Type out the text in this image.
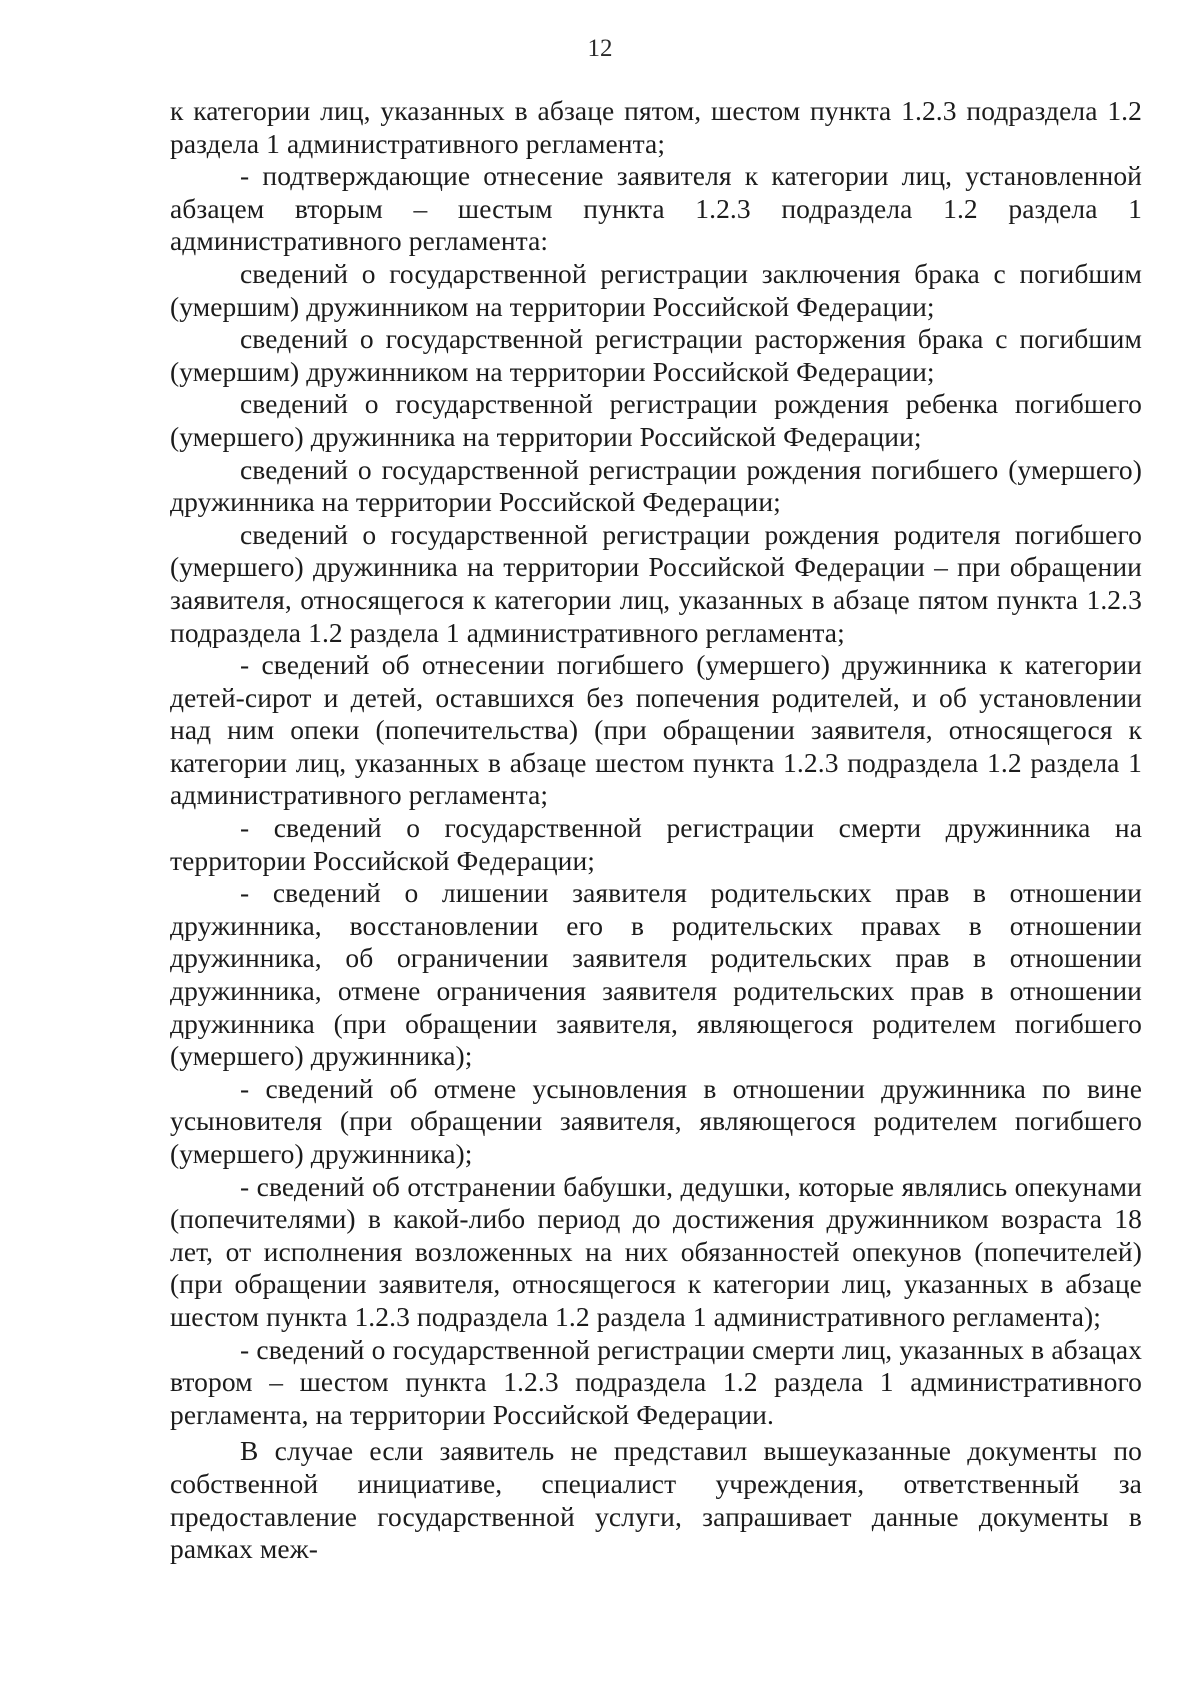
12

к категории лиц, указанных в абзаце пятом, шестом пункта 1.2.3 подраздела 1.2 раздела 1 административного регламента;

- подтверждающие отнесение заявителя к категории лиц, установленной абзацем вторым – шестым пункта 1.2.3 подраздела 1.2 раздела 1 административного регламента:

сведений о государственной регистрации заключения брака с погибшим (умершим) дружинником на территории Российской Федерации;

сведений о государственной регистрации расторжения брака с погибшим (умершим) дружинником на территории Российской Федерации;

сведений о государственной регистрации рождения ребенка погибшего (умершего) дружинника на территории Российской Федерации;

сведений о государственной регистрации рождения погибшего (умершего) дружинника на территории Российской Федерации;

сведений о государственной регистрации рождения родителя погибшего (умершего) дружинника на территории Российской Федерации – при обращении заявителя, относящегося к категории лиц, указанных в абзаце пятом пункта 1.2.3 подраздела 1.2 раздела 1 административного регламента;

- сведений об отнесении погибшего (умершего) дружинника к категории детей-сирот и детей, оставшихся без попечения родителей, и об установлении над ним опеки (попечительства) (при обращении заявителя, относящегося к категории лиц, указанных в абзаце шестом пункта 1.2.3 подраздела 1.2 раздела 1 административного регламента;

- сведений о государственной регистрации смерти дружинника на территории Российской Федерации;

- сведений о лишении заявителя родительских прав в отношении дружинника, восстановлении его в родительских правах в отношении дружинника, об ограничении заявителя родительских прав в отношении дружинника, отмене ограничения заявителя родительских прав в отношении дружинника (при обращении заявителя, являющегося родителем погибшего (умершего) дружинника);

- сведений об отмене усыновления в отношении дружинника по вине усыновителя (при обращении заявителя, являющегося родителем погибшего (умершего) дружинника);

- сведений об отстранении бабушки, дедушки, которые являлись опекунами (попечителями) в какой-либо период до достижения дружинником возраста 18 лет, от исполнения возложенных на них обязанностей опекунов (попечителей) (при обращении заявителя, относящегося к категории лиц, указанных в абзаце шестом пункта 1.2.3 подраздела 1.2 раздела 1 административного регламента);

- сведений о государственной регистрации смерти лиц, указанных в абзацах втором – шестом пункта 1.2.3 подраздела 1.2 раздела 1 административного регламента, на территории Российской Федерации.

В случае если заявитель не представил вышеуказанные документы по собственной инициативе, специалист учреждения, ответственный за предоставление государственной услуги, запрашивает данные документы в рамках меж-
